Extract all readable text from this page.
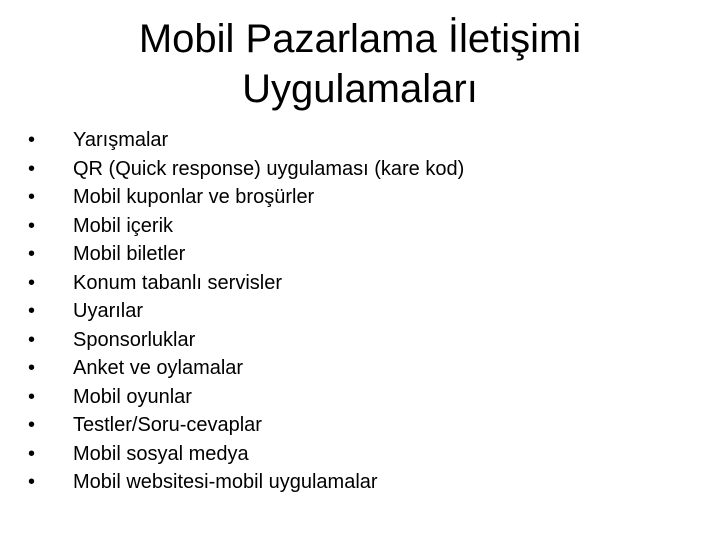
Mobil Pazarlama İletişimi
Uygulamaları
•	Yarışmalar
•	QR (Quick response) uygulaması (kare kod)
•	Mobil kuponlar ve broşürler
•	Mobil içerik
•	Mobil biletler
•	Konum tabanlı servisler
•	Uyarılar
•	Sponsorluklar
•	Anket ve oylamalar
•	Mobil oyunlar
•	Testler/Soru-cevaplar
•	Mobil sosyal medya
•	Mobil websitesi-mobil uygulamalar
